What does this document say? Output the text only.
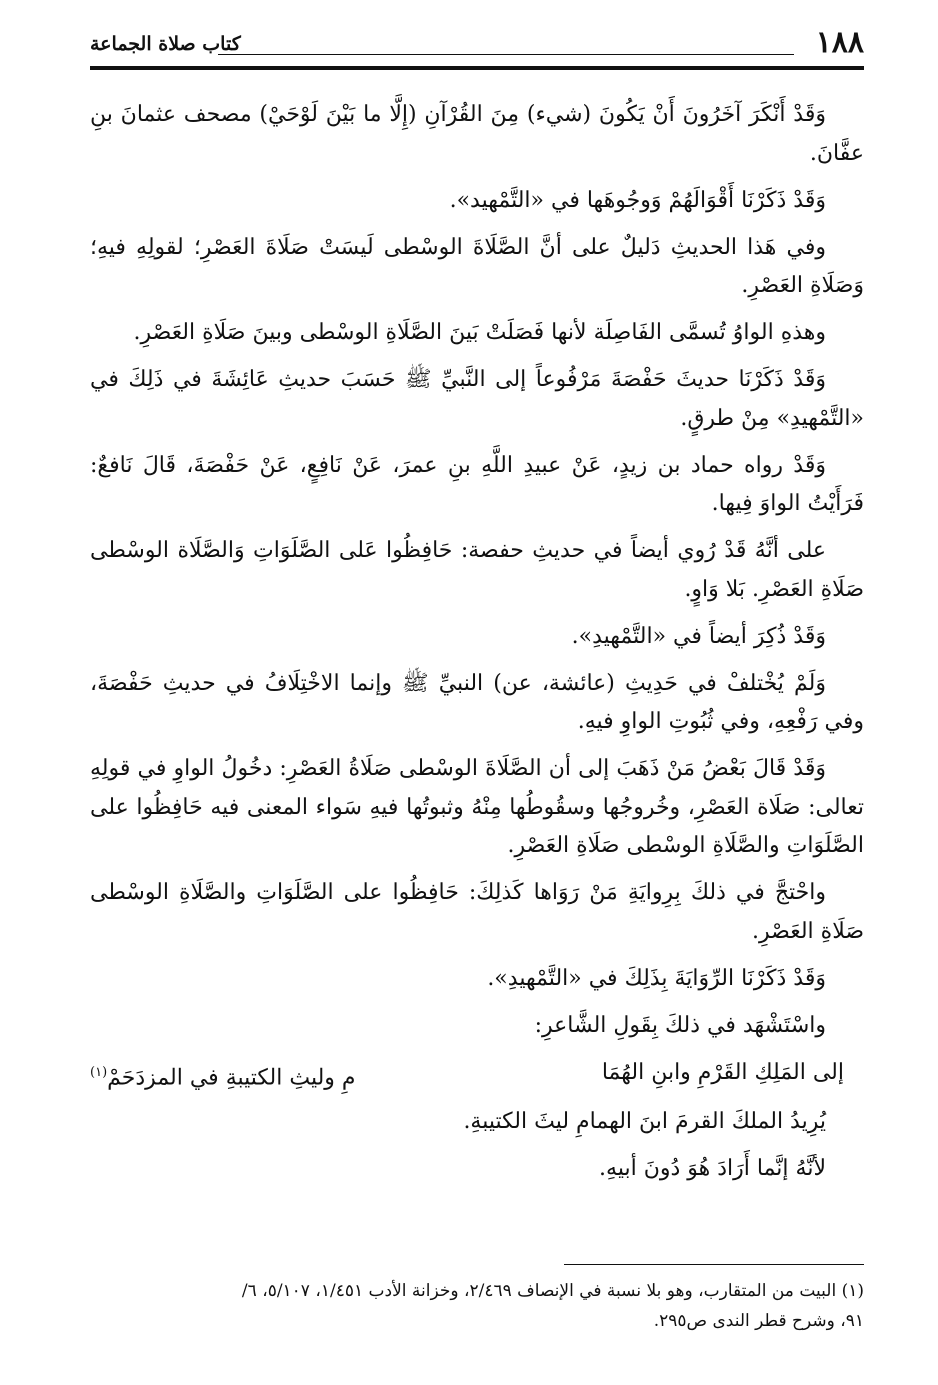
١٨٨
كتاب صلاة الجماعة

وَقَدْ أَنْكَرَ آخَرُونَ أَنْ يَكُونَ (شيء) مِنَ القُرْآنِ (إِلَّا ما بَيْنَ لَوْحَيْ) مصحف عثمانَ بنِ عفَّانَ.

وَقَدْ ذَكَرْنَا أَقْوَالَهُمْ وَوجُوهَها في «التَّمْهيد».

وفي هَذا الحديثِ دَليلٌ على أنَّ الصَّلَاةَ الوسْطى لَيسَتْ صَلَاةَ العَصْرِ؛ لقولِهِ فيهِ؛ وَصَلَاةِ العَصْرِ.

وهذهِ الواوُ تُسمَّى الفَاصِلَة لأنها فَصَلَتْ بَينَ الصَّلَاةِ الوسْطى وبينَ صَلَاةِ العَصْرِ.

وَقَدْ ذَكَرْنَا حديثَ حَفْصَةَ مَرْفُوعاً إلى النَّبيِّ ﷺ حَسَبَ حديثِ عَائِشَةَ في ذَلِكَ في «التَّمْهيدِ» مِنْ طرقٍ.

وَقَدْ رواه حماد بن زيدٍ، عَنْ عبيدِ اللَّهِ بنِ عمرَ، عَنْ نَافِعٍ، عَنْ حَفْصَةَ، قَالَ نَافعٌ: فَرَأَيْتُ الواوَ فِيها.

على أنَّهُ قَدْ رُوي أيضاً في حديثِ حفصة: حَافِظُوا عَلى الصَّلَوَاتِ وَالصَّلَاة الوسْطى صَلَاةِ العَصْرِ. بَلا وَاوٍ.

وَقَدْ ذُكِرَ أيضاً في «التَّمْهيدِ».

وَلَمْ يُخْتلفْ في حَدِيثِ (عائشة، عن) النبيِّ ﷺ وإنما الاخْتِلَافُ في حديثِ حَفْصَةَ، وفي رَفْعِهِ، وفي ثُبُوتِ الواوِ فيهِ.

وَقَدْ قَالَ بَعْضُ مَنْ ذَهَبَ إلى أن الصَّلَاةَ الوسْطى صَلَاةُ العَصْرِ: دخُولُ الواوِ في قولِهِ تعالى: صَلَاة العَصْرِ، وخُروجُها وسقُوطُها مِنْهُ وثبوتُها فيهِ سَواء المعنى فيه حَافِظُوا على الصَّلَوَاتِ والصَّلَاةِ الوسْطى صَلَاةِ العَصْرِ.

واحْتجَّ في ذلكَ بِرِوايَةِ مَنْ رَوَاها كَذلِكَ: حَافِظُوا على الصَّلَوَاتِ والصَّلَاةِ الوسْطى صَلَاةِ العَصْرِ.

وَقَدْ ذَكَرْنَا الرِّوَايَةَ بِذَلِكَ في «التَّمْهيدِ».

واسْتَشْهَد في ذلكَ بِقَولِ الشَّاعرِ:

إلى المَلِكِ القَرْمِ وابنِ الهُمَا
مِ وليثِ الكتيبةِ في المزدَحَمْ$^{(١)}$

يُرِيدُ الملكَ القرمَ ابنَ الهمامِ ليثَ الكتيبةِ.

لأنَّهُ إنَّما أَرَادَ هُوَ دُونَ أبيهِ.

(١) البيت من المتقارب، وهو بلا نسبة في الإنصاف ٢/٤٦٩، وخزانة الأدب ١/٤٥١، ٥/١٠٧، ٦/

٩١، وشرح قطر الندى ص٢٩٥.
